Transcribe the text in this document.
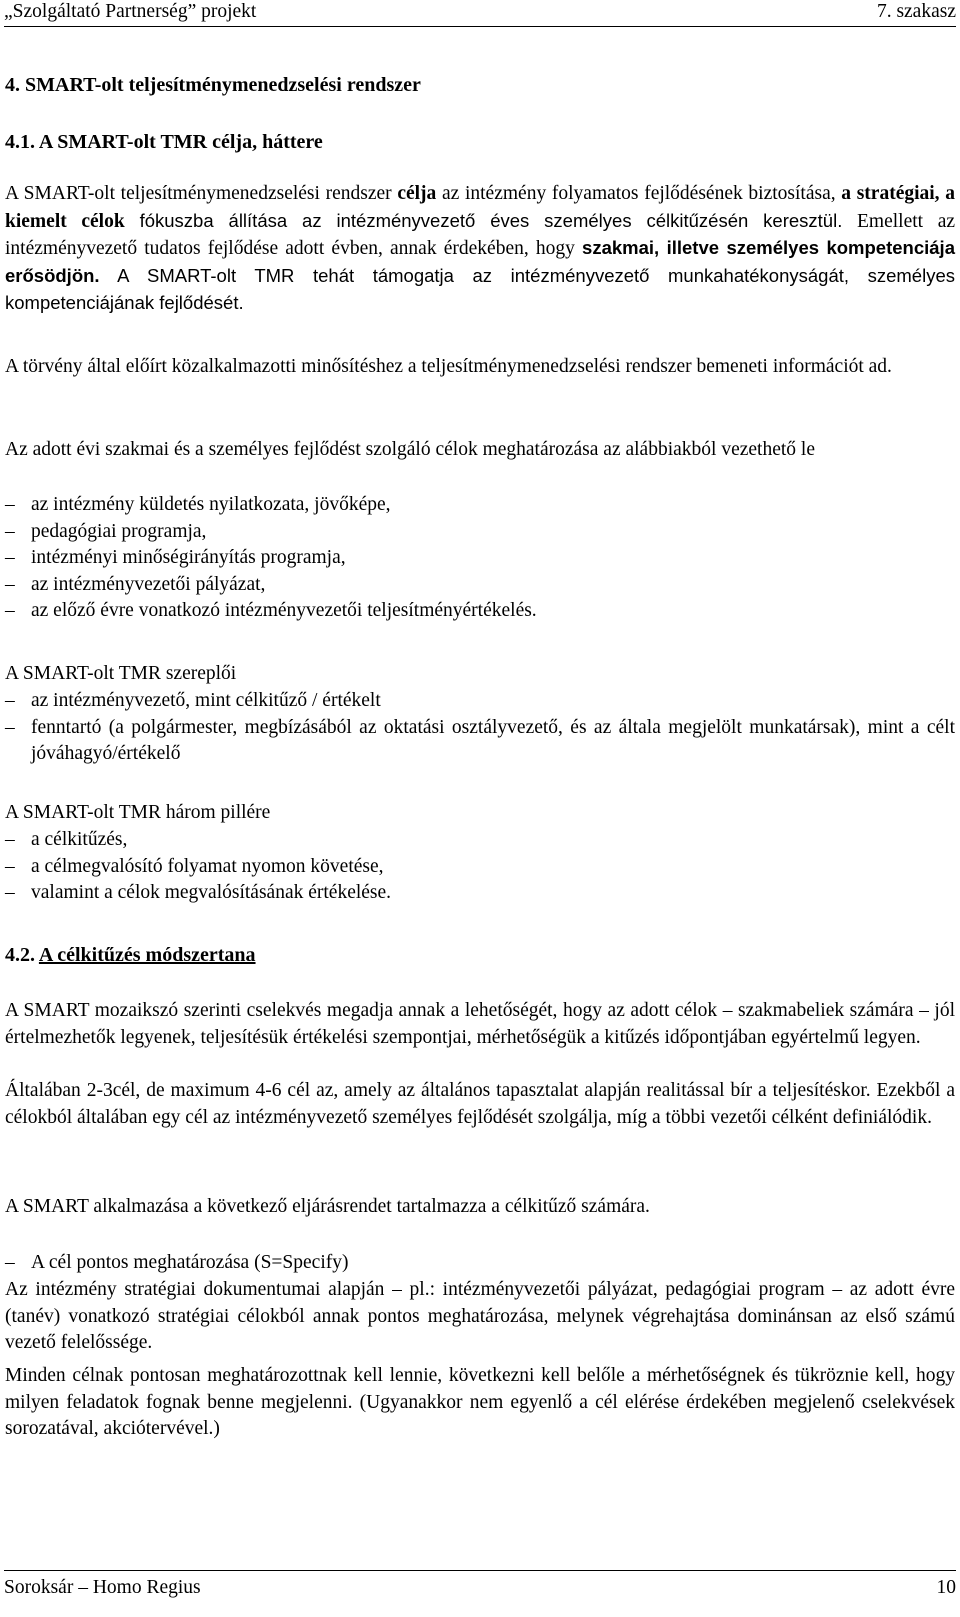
„Szolgáltató Partnerség” projekt	7. szakasz
4. SMART-olt teljesítménymenedzselési rendszer
4.1. A SMART-olt TMR célja, háttere

A SMART-olt teljesítménymenedzselési rendszer célja az intézmény folyamatos fejlődésének biztosítása, a stratégiai, a kiemelt célok fókuszba állítása az intézményvezető éves személyes célkitűzésén keresztül. Emellett az intézményvezető tudatos fejlődése adott évben, annak érdekében, hogy szakmai, illetve személyes kompetenciája erősödjön. A SMART-olt TMR tehát támogatja az intézményvezető munkahatékonyságát, személyes kompetenciájának fejlődését.

A törvény által előírt közalkalmazotti minősítéshez a teljesítménymenedzselési rendszer bemeneti információt ad.

Az adott évi szakmai és a személyes fejlődést szolgáló célok meghatározása az alábbiakból vezethető le

– az intézmény küldetés nyilatkozata, jövőképe,
– pedagógiai programja,
– intézményi minőségirányítás programja,
– az intézményvezetői pályázat,
– az előző évre vonatkozó intézményvezetői teljesítményértékelés.

A SMART-olt TMR szereplői

– az intézményvezető, mint célkitűző / értékelt
– fenntartó (a polgármester, megbízásából az oktatási osztályvezető, és az általa megjelölt munkatársak), mint a célt jóváhagyó/értékelő

A SMART-olt TMR három pillére

– a célkitűzés,
– a célmegvalósító folyamat nyomon követése,
– valamint a célok megvalósításának értékelése.
4.2. A célkitűzés módszertana

A SMART mozaikszó szerinti cselekvés megadja annak a lehetőségét, hogy az adott célok – szakmabeliek számára – jól értelmezhetők legyenek, teljesítésük értékelési szempontjai, mérhetőségük a kitűzés időpontjában egyértelmű legyen.

Általában 2-3cél, de maximum 4-6 cél az, amely az általános tapasztalat alapján realitással bír a teljesítéskor. Ezekből a célokból általában egy cél az intézményvezető személyes fejlődését szolgálja, míg a többi vezetői célként definiálódik.

A SMART alkalmazása a következő eljárásrendet tartalmazza a célkitűző számára.

– A cél pontos meghatározása (S=Specify)

Az intézmény stratégiai dokumentumai alapján – pl.: intézményvezetői pályázat, pedagógiai program – az adott évre (tanév) vonatkozó stratégiai célokból annak pontos meghatározása, melynek végrehajtása dominánsan az első számú vezető felelőssége.

Minden célnak pontosan meghatározottnak kell lennie, következni kell belőle a mérhetőségnek és tükröznie kell, hogy milyen feladatok fognak benne megjelenni. (Ugyanakkor nem egyenlő a cél elérése érdekében megjelenő cselekvések sorozatával, akciótervével.)

Soroksár – Homo Regius	10
